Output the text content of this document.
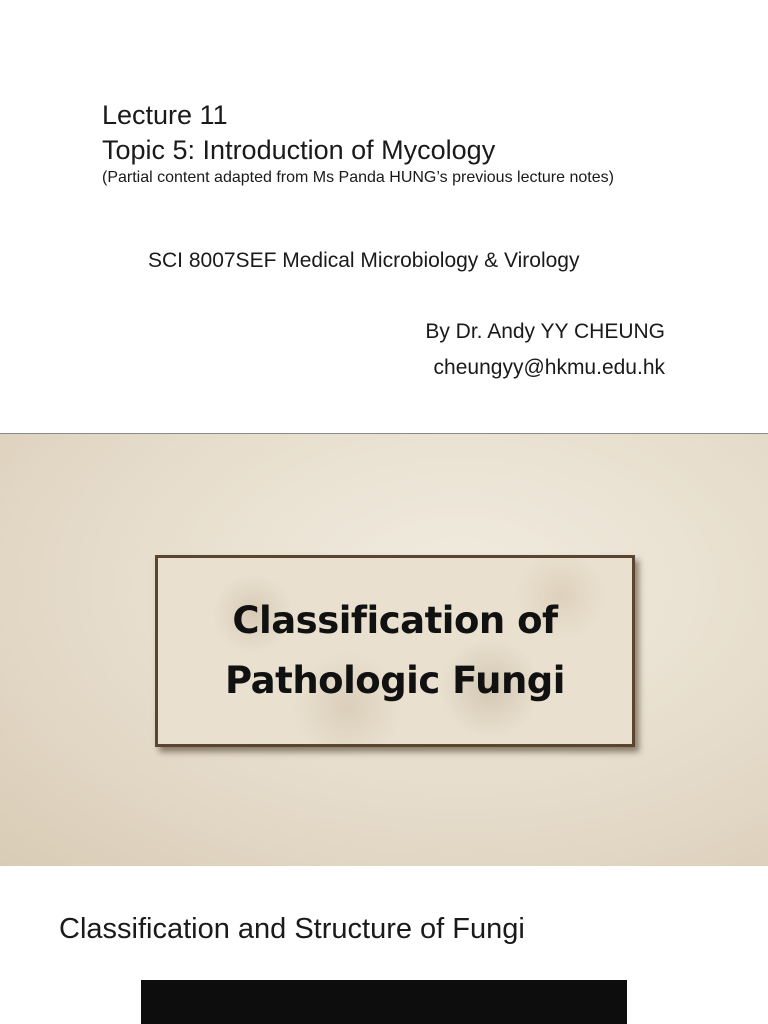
Lecture 11
Topic 5: Introduction of Mycology
(Partial content adapted from Ms Panda HUNG’s previous lecture notes)
SCI 8007SEF Medical Microbiology & Virology
By Dr. Andy YY CHEUNG
cheungyy@hkmu.edu.hk
Classification of
Pathologic Fungi
Classification and Structure of Fungi
